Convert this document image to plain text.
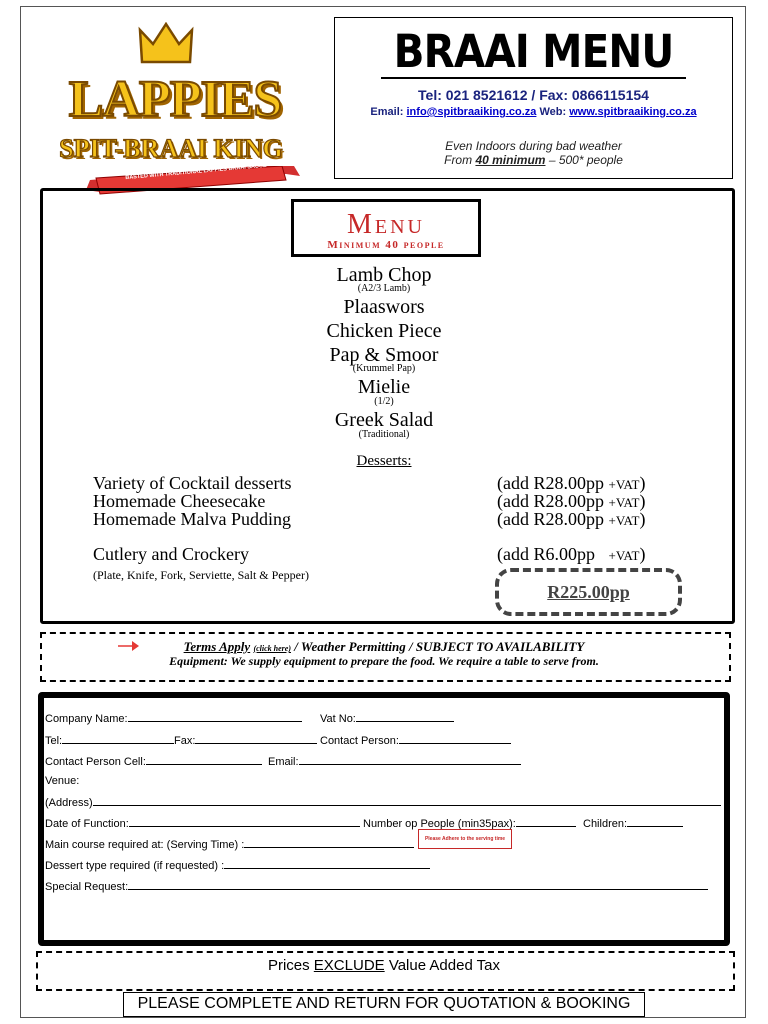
LAPPIES
SPIT-BRAAI KING
BASTED WITH TRADITIONAL LAPPIES BRAAI SAUCE
BRAAI MENU
Tel: 021 8521612 / Fax: 0866115154
Email: info@spitbraaiking.co.za Web: www.spitbraaiking.co.za
Even Indoors during bad weather
From 40 minimum – 500* people
Menu
Minimum 40 people
Lamb Chop
(A2/3 Lamb)
Plaaswors
Chicken Piece
Pap & Smoor
(Krummel Pap)
Mielie
(1/2)
Greek Salad
(Traditional)
Desserts:
Variety of Cocktail desserts	(add R28.00pp +VAT)
Homemade Cheesecake	(add R28.00pp +VAT)
Homemade Malva Pudding	(add R28.00pp +VAT)
Cutlery and Crockery	(add R6.00pp   +VAT)
(Plate, Knife, Fork, Serviette, Salt & Pepper)
R225.00pp
Terms Apply (click here) / Weather Permitting / SUBJECT TO AVAILABILITY
Equipment: We supply equipment to prepare the food. We require a table to serve from.
Company Name:	Vat No:
Tel:	Fax:	Contact Person:
Contact Person Cell:	Email:
Venue:
(Address)
Date of Function:	Number op People (min35pax):	Children:
Main course required at: (Serving Time) :	Please Adhere to the serving time
Dessert type required (if requested) :
Special Request:
Prices EXCLUDE Value Added Tax
PLEASE COMPLETE AND RETURN FOR QUOTATION & BOOKING
